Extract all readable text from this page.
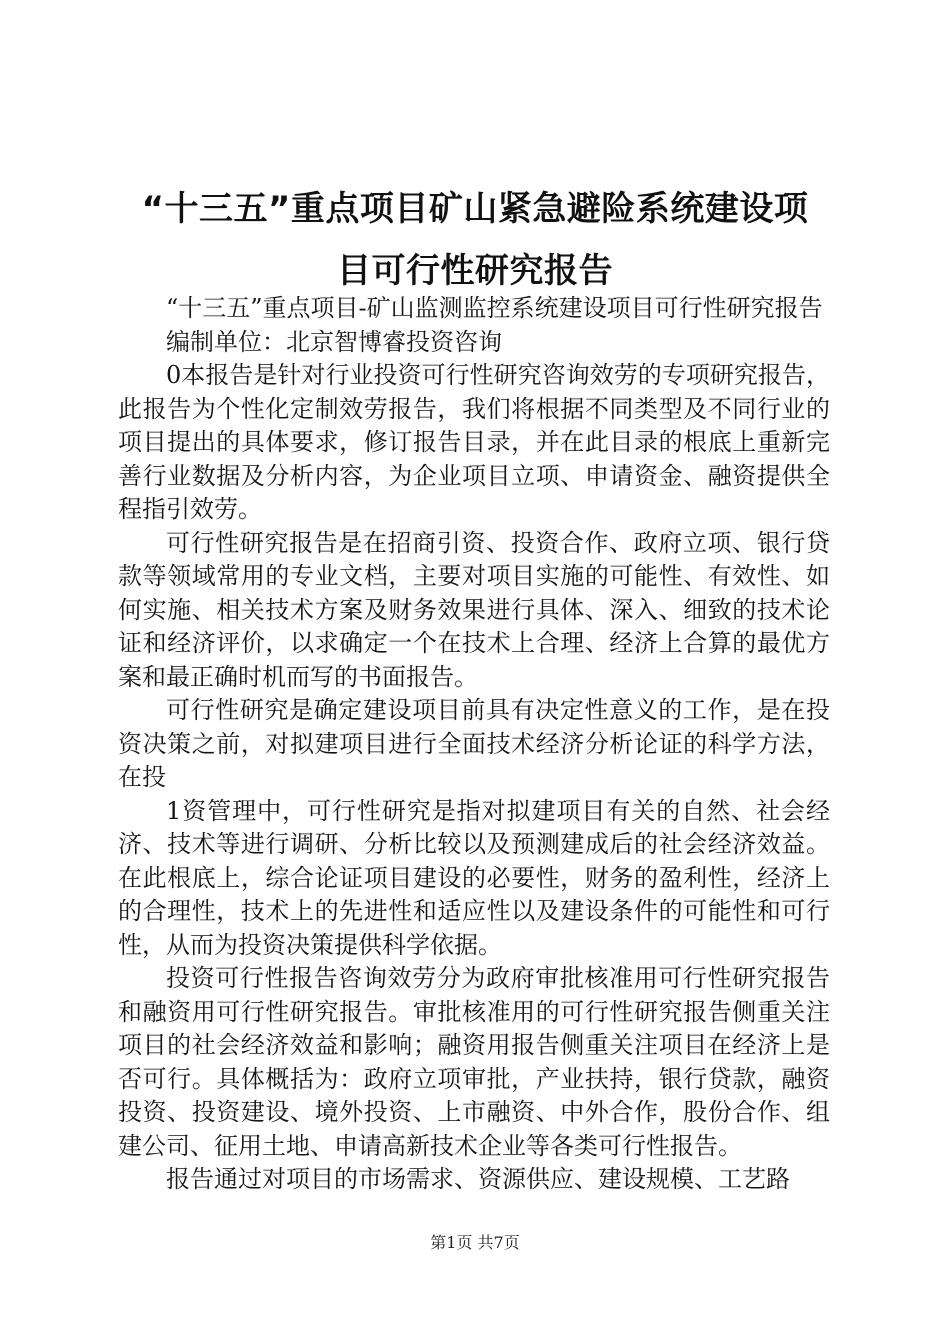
“十三五”重点项目矿山紧急避险系统建设项
目可行性研究报告

“十三五”重点项目-矿山监测监控系统建设项目可行性研究报告

编制单位：北京智博睿投资咨询

0本报告是针对行业投资可行性研究咨询效劳的专项研究报告，此报告为个性化定制效劳报告，我们将根据不同类型及不同行业的项目提出的具体要求，修订报告目录，并在此目录的根底上重新完善行业数据及分析内容，为企业项目立项、申请资金、融资提供全程指引效劳。

可行性研究报告是在招商引资、投资合作、政府立项、银行贷款等领域常用的专业文档，主要对项目实施的可能性、有效性、如何实施、相关技术方案及财务效果进行具体、深入、细致的技术论证和经济评价，以求确定一个在技术上合理、经济上合算的最优方案和最正确时机而写的书面报告。

可行性研究是确定建设项目前具有决定性意义的工作，是在投资决策之前，对拟建项目进行全面技术经济分析论证的科学方法，在投

1资管理中，可行性研究是指对拟建项目有关的自然、社会经济、技术等进行调研、分析比较以及预测建成后的社会经济效益。在此根底上，综合论证项目建设的必要性，财务的盈利性，经济上的合理性，技术上的先进性和适应性以及建设条件的可能性和可行性，从而为投资决策提供科学依据。

投资可行性报告咨询效劳分为政府审批核准用可行性研究报告和融资用可行性研究报告。审批核准用的可行性研究报告侧重关注项目的社会经济效益和影响；融资用报告侧重关注项目在经济上是否可行。具体概括为：政府立项审批，产业扶持，银行贷款，融资投资、投资建设、境外投资、上市融资、中外合作，股份合作、组建公司、征用土地、申请高新技术企业等各类可行性报告。

报告通过对项目的市场需求、资源供应、建设规模、工艺路

第1页 共7页
